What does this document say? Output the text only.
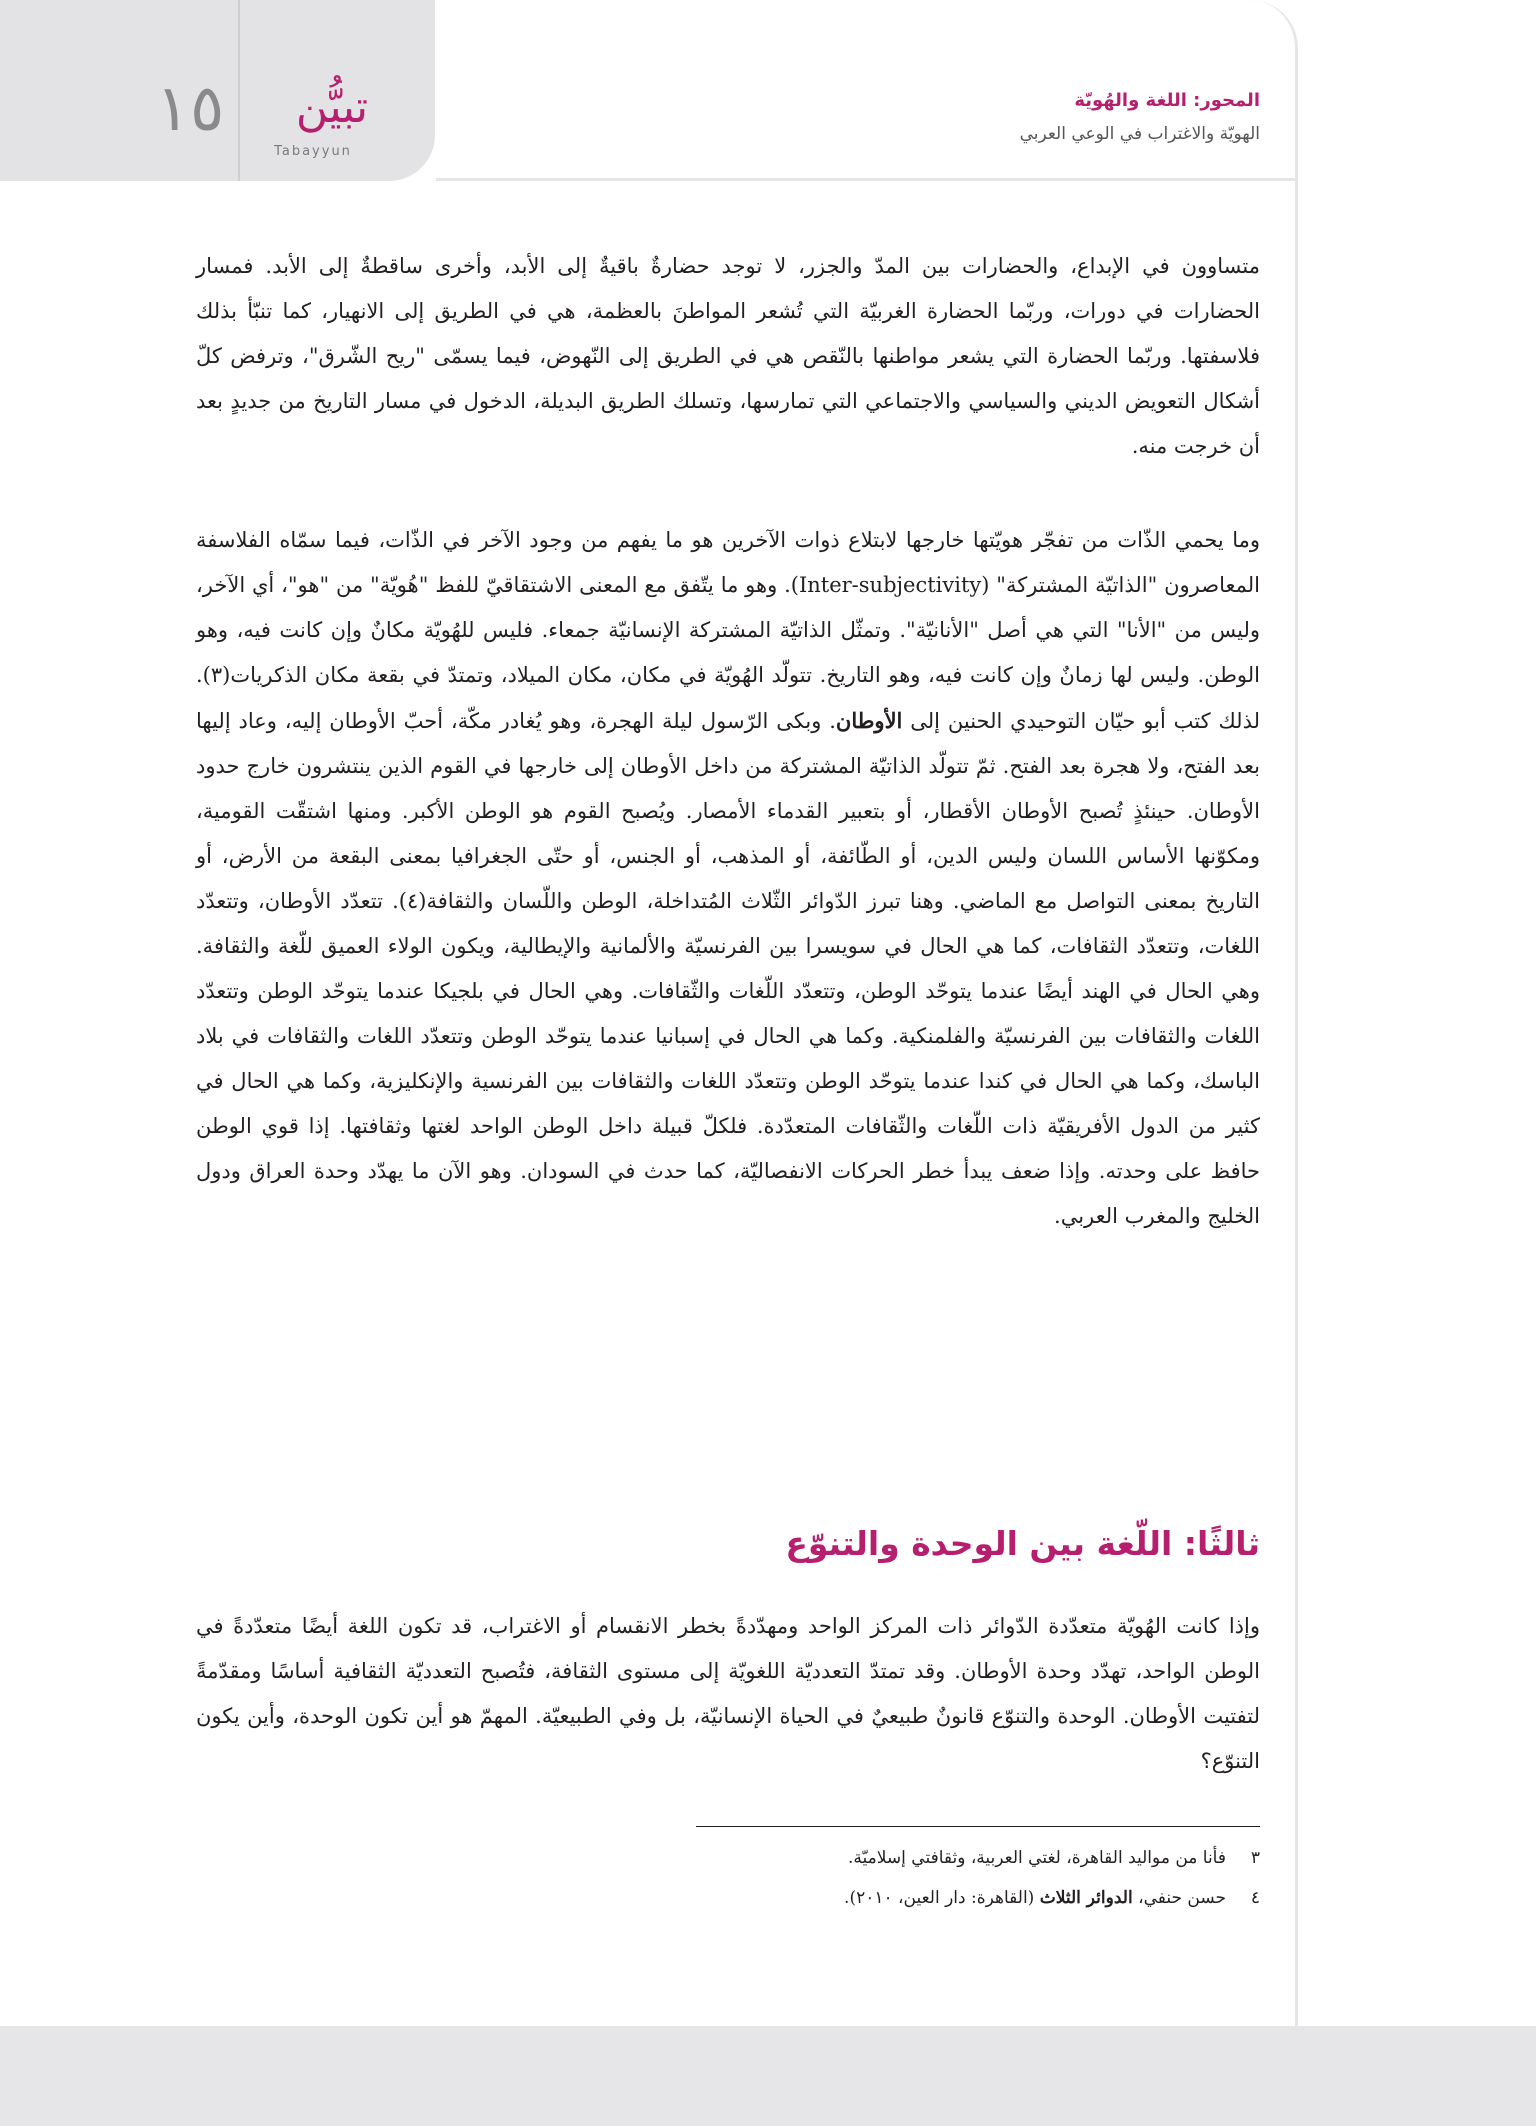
١٥	تبيُّن
Tabayyun
المحور: اللغة والهُويّة
الهويّة والاغتراب في الوعي العربي

متساوون في الإبداع، والحضارات بين المدّ والجزر، لا توجد حضارةٌ باقيةٌ إلى الأبد، وأخرى ساقطةٌ إلى الأبد. فمسار الحضارات في دورات، وربّما الحضارة الغربيّة التي تُشعر المواطنَ بالعظمة، هي في الطريق إلى الانهيار، كما تنبّأ بذلك فلاسفتها. وربّما الحضارة التي يشعر مواطنها بالنّقص هي في الطريق إلى النّهوض، فيما يسمّى "ريح الشّرق"، وترفض كلّ أشكال التعويض الديني والسياسي والاجتماعي التي تمارسها، وتسلك الطريق البديلة، الدخول في مسار التاريخ من جديدٍ بعد أن خرجت منه.

وما يحمي الذّات من تفجّر هويّتها خارجها لابتلاع ذوات الآخرين هو ما يفهم من وجود الآخر في الذّات، فيما سمّاه الفلاسفة المعاصرون "الذاتيّة المشتركة" (Inter-subjectivity). وهو ما يتّفق مع المعنى الاشتقاقيّ للفظ "هُويّة" من "هو"، أي الآخر، وليس من "الأنا" التي هي أصل "الأنانيّة". وتمثّل الذاتيّة المشتركة الإنسانيّة جمعاء. فليس للهُويّة مكانٌ وإن كانت فيه، وهو الوطن. وليس لها زمانٌ وإن كانت فيه، وهو التاريخ. تتولّد الهُويّة في مكان، مكان الميلاد، وتمتدّ في بقعة مكان الذكريات(٣). لذلك كتب أبو حيّان التوحيدي الحنين إلى الأوطان. وبكى الرّسول ليلة الهجرة، وهو يُغادر مكّة، أحبّ الأوطان إليه، وعاد إليها بعد الفتح، ولا هجرة بعد الفتح. ثمّ تتولّد الذاتيّة المشتركة من داخل الأوطان إلى خارجها في القوم الذين ينتشرون خارج حدود الأوطان. حينئذٍ تُصبح الأوطان الأقطار، أو بتعبير القدماء الأمصار. ويُصبح القوم هو الوطن الأكبر. ومنها اشتقّت القومية، ومكوّنها الأساس اللسان وليس الدين، أو الطّائفة، أو المذهب، أو الجنس، أو حتّى الجغرافيا بمعنى البقعة من الأرض، أو التاريخ بمعنى التواصل مع الماضي. وهنا تبرز الدّوائر الثّلاث المُتداخلة، الوطن واللّسان والثقافة(٤). تتعدّد الأوطان، وتتعدّد اللغات، وتتعدّد الثقافات، كما هي الحال في سويسرا بين الفرنسيّة والألمانية والإيطالية، ويكون الولاء العميق للّغة والثقافة. وهي الحال في الهند أيضًا عندما يتوحّد الوطن، وتتعدّد اللّغات والثّقافات. وهي الحال في بلجيكا عندما يتوحّد الوطن وتتعدّد اللغات والثقافات بين الفرنسيّة والفلمنكية. وكما هي الحال في إسبانيا عندما يتوحّد الوطن وتتعدّد اللغات والثقافات في بلاد الباسك، وكما هي الحال في كندا عندما يتوحّد الوطن وتتعدّد اللغات والثقافات بين الفرنسية والإنكليزية، وكما هي الحال في كثير من الدول الأفريقيّة ذات اللّغات والثّقافات المتعدّدة. فلكلّ قبيلة داخل الوطن الواحد لغتها وثقافتها. إذا قوي الوطن حافظ على وحدته. وإذا ضعف يبدأ خطر الحركات الانفصاليّة، كما حدث في السودان. وهو الآن ما يهدّد وحدة العراق ودول الخليج والمغرب العربي.

ثالثًا: اللّغة بين الوحدة والتنوّع

وإذا كانت الهُويّة متعدّدة الدّوائر ذات المركز الواحد ومهدّدةً بخطر الانقسام أو الاغتراب، قد تكون اللغة أيضًا متعدّدةً في الوطن الواحد، تهدّد وحدة الأوطان. وقد تمتدّ التعدديّة اللغويّة إلى مستوى الثقافة، فتُصبح التعدديّة الثقافية أساسًا ومقدّمةً لتفتيت الأوطان. الوحدة والتنوّع قانونٌ طبيعيٌ في الحياة الإنسانيّة، بل وفي الطبيعيّة. المهمّ هو أين تكون الوحدة، وأين يكون التنوّع؟

٣فأنا من مواليد القاهرة، لغتي العربية، وثقافتي إسلاميّة.
٤حسن حنفي، الدوائر الثلاث (القاهرة: دار العين، ٢٠١٠).
